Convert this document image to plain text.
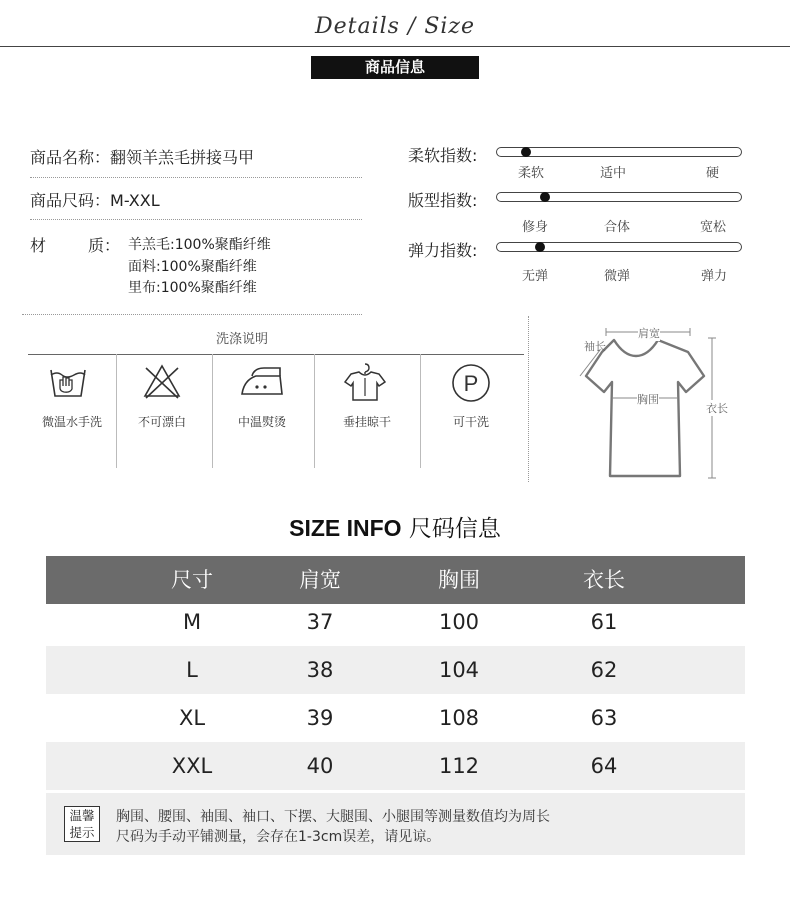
Details / Size
商品信息
商品名称：翻领羊羔毛拼接马甲
商品尺码：M-XXL
材	质： 羊羔毛:100%聚酯纤维
面料:100%聚酯纤维
里布:100%聚酯纤维
柔软指数:
柔软	适中	硬
版型指数:
修身	合体	宽松
弹力指数:
无弹	微弹	弹力
洗涤说明
微温水手洗	不可漂白	中温熨烫	垂挂晾干
P
可干洗
肩宽
袖长
胸围
衣长
SIZE INFO 尺码信息
尺寸	肩宽	胸围	衣长
M	37	100	61
L	38	104	62
XL	39	108	63
XXL	40	112	64
温馨
提示
胸围、腰围、袖围、袖口、下摆、大腿围、小腿围等测量数值均为周长
尺码为手动平铺测量，会存在1-3cm误差，请见谅。
